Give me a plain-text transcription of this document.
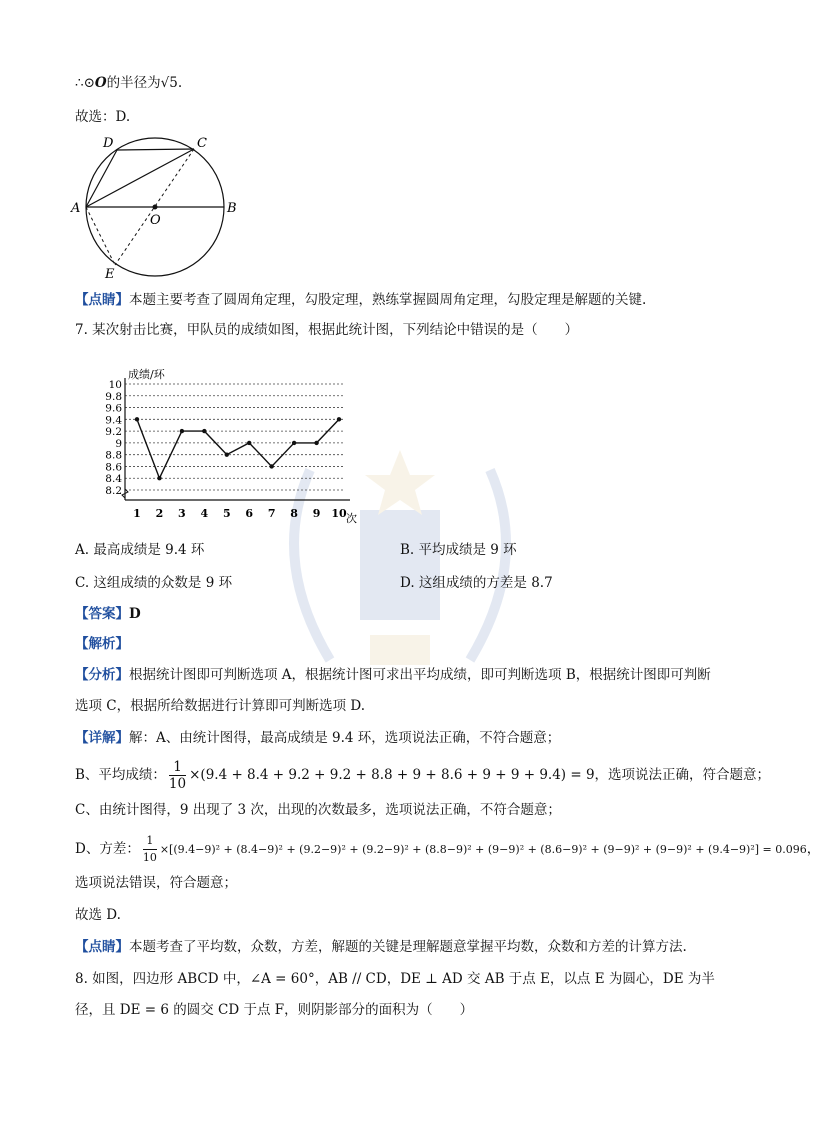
∴⊙O的半径为√5.
故选：D.
D	C
A
O
B
E
【点睛】本题主要考查了圆周角定理，勾股定理，熟练掌握圆周角定理，勾股定理是解题的关键.
7. 某次射击比赛，甲队员的成绩如图，根据此统计图，下列结论中错误的是（　　）
10
9.8
9.6
9.4
9.2
9
8.8
8.6
8.4
8.2
1 2 3 4 5 6 7 8 9 10
成绩/环
次
A. 最高成绩是 9.4 环	B. 平均成绩是 9 环
C. 这组成绩的众数是 9 环	D. 这组成绩的方差是 8.7
【答案】D
【解析】
【分析】根据统计图即可判断选项 A，根据统计图可求出平均成绩，即可判断选项 B，根据统计图即可判断
选项 C，根据所给数据进行计算即可判断选项 D.
【详解】解：A、由统计图得，最高成绩是 9.4 环，选项说法正确，不符合题意；
B、平均成绩： $\frac{1}{10} \times(9.4 + 8.4 + 9.2 + 9.2 + 8.8 + 9 + 8.6 + 9 + 9 + 9.4) = 9$，选项说法正确，符合题意；
C、由统计图得，9 出现了 3 次，出现的次数最多，选项说法正确，不符合题意；
D、方差： $\frac{1}{10} \times[(9.4-9)^2 + (8.4-9)^2 + (9.2-9)^2 + (9.2-9)^2 + (8.8-9)^2 + (9-9)^2 + (8.6-9)^2 + (9-9)^2 + (9-9)^2 + (9.4-9)^2] = 0.096$，
选项说法错误，符合题意；
故选 D.
【点睛】本题考查了平均数，众数，方差，解题的关键是理解题意掌握平均数，众数和方差的计算方法.
8. 如图，四边形 ABCD 中，∠A = 60°，AB // CD，DE ⊥ AD 交 AB 于点 E，以点 E 为圆心，DE 为半
径，且 DE = 6 的圆交 CD 于点 F，则阴影部分的面积为（　　）
